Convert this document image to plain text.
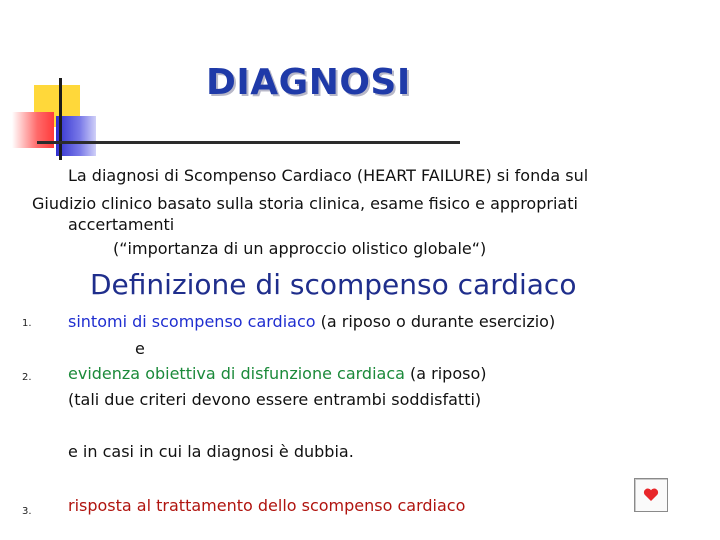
DIAGNOSI
La diagnosi di Scompenso Cardiaco (HEART FAILURE) si fonda sul
Giudizio clinico basato sulla storia clinica, esame fisico e appropriati
accertamenti
(“importanza di un approccio olistico globale“)
Definizione di scompenso cardiaco
1.
2.
3.
sintomi di scompenso cardiaco (a riposo o durante esercizio)
e
evidenza obiettiva di disfunzione cardiaca (a riposo)
(tali due criteri devono essere entrambi soddisfatti)
e in casi in cui la diagnosi è dubbia.
risposta al trattamento dello scompenso cardiaco
